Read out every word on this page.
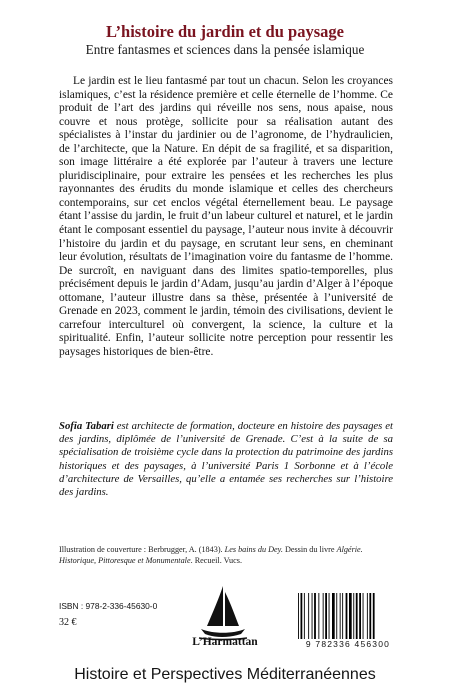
L’histoire du jardin et du paysage
Entre fantasmes et sciences dans la pensée islamique
Le jardin est le lieu fantasmé par tout un chacun. Selon les croyances islamiques, c’est la résidence première et celle éternelle de l’homme. Ce produit de l’art des jardins qui réveille nos sens, nous apaise, nous couvre et nous protège, sollicite pour sa réalisation autant des spécialistes à l’instar du jardinier ou de l’agronome, de l’hydraulicien, de l’architecte, que la Nature. En dépit de sa fragilité, et sa disparition, son image littéraire a été explorée par l’auteur à travers une lecture pluridisciplinaire, pour extraire les pensées et les recherches les plus rayonnantes des érudits du monde islamique et celles des chercheurs contemporains, sur cet enclos végétal éternellement beau. Le paysage étant l’assise du jardin, le fruit d’un labeur culturel et naturel, et le jardin étant le composant essentiel du paysage, l’auteur nous invite à découvrir l’histoire du jardin et du paysage, en scrutant leur sens, en cheminant leur évolution, résultats de l’imagination voire du fantasme de l’homme. De surcroît, en naviguant dans des limites spatio-temporelles, plus précisément depuis le jardin d’Adam, jusqu’au jardin d’Alger à l’époque ottomane, l’auteur illustre dans sa thèse, présentée à l’université de Grenade en 2023, comment le jardin, témoin des civilisations, devient le carrefour interculturel où convergent, la science, la culture et la spiritualité. Enfin, l’auteur sollicite notre perception pour ressentir les paysages historiques de bien-être.
Sofia Tabari est architecte de formation, docteure en histoire des paysages et des jardins, diplômée de l’université de Grenade. C’est à la suite de sa spécialisation de troisième cycle dans la protection du patrimoine des jardins historiques et des paysages, à l’université Paris 1 Sorbonne et à l’école d’architecture de Versailles, qu’elle a entamée ses recherches sur l’histoire des jardins.
Illustration de couverture : Berbrugger, A. (1843). Les bains du Dey. Dessin du livre Algérie. Historique, Pittoresque et Monumentale. Recueil. Vucs.
ISBN : 978-2-336-45630-0
32 €
L’Harmattan	9 782336 456300
Histoire et Perspectives Méditerranéennes
